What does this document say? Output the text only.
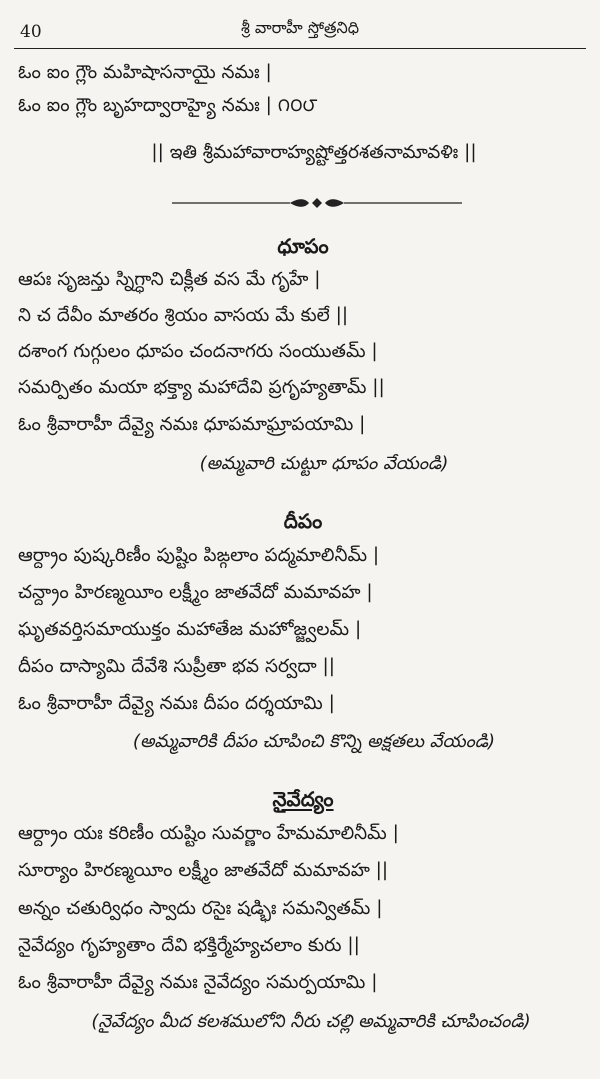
40	శ్రీ వారాహీ స్తోత్రనిధి
ఓం ఐం గ్లౌం మహిషాసనాయై నమః |
ఓం ఐం గ్లౌం బృహద్వారాహ్యై నమః | ౧౦౮
|| ఇతి శ్రీమహావారాహ్యష్టోత్తరశతనామావళిః ||
ధూపం
ఆపః సృజన్తు స్నిగ్ధాని చిక్లీత వస మే గృహే |
ని చ దేవీం మాతరం శ్రియం వాసయ మే కులే ||
దశాంగ గుగ్గులం ధూపం చందనాగరు సంయుతమ్ |
సమర్పితం మయా భక్త్యా మహాదేవి ప్రగృహ్యతామ్ ||
ఓం శ్రీవారాహీ దేవ్యై నమః ధూపమాఘ్రాపయామి |
(అమ్మవారి చుట్టూ ధూపం వేయండి)
దీపం
ఆర్ద్రాం పుష్కరిణీం పుష్టిం పిఙ్గలాం పద్మమాలినీమ్ |
చన్ద్రాం హిరణ్మయీం లక్ష్మీం జాతవేదో మమావహ |
ఘృతవర్తిసమాయుక్తం మహాతేజ మహోజ్జ్వలమ్ |
దీపం దాస్యామి దేవేశి సుప్రీతా భవ సర్వదా ||
ఓం శ్రీవారాహీ దేవ్యై నమః దీపం దర్శయామి |
(అమ్మవారికి దీపం చూపించి కొన్ని అక్షతలు వేయండి)
నైవేద్యం
ఆర్ద్రాం యః కరిణీం యష్టిం సువర్ణాం హేమమాలినీమ్ |
సూర్యాం హిరణ్మయీం లక్ష్మీం జాతవేదో మమావహ ||
అన్నం చతుర్విధం స్వాదు రసైః షడ్భిః సమన్వితమ్ |
నైవేద్యం గృహ్యతాం దేవి భక్తిర్మేహ్యచలాం కురు ||
ఓం శ్రీవారాహీ దేవ్యై నమః నైవేద్యం సమర్పయామి |
(నైవేద్యం మీద కలశములోని నీరు చల్లి అమ్మవారికి చూపించండి)
